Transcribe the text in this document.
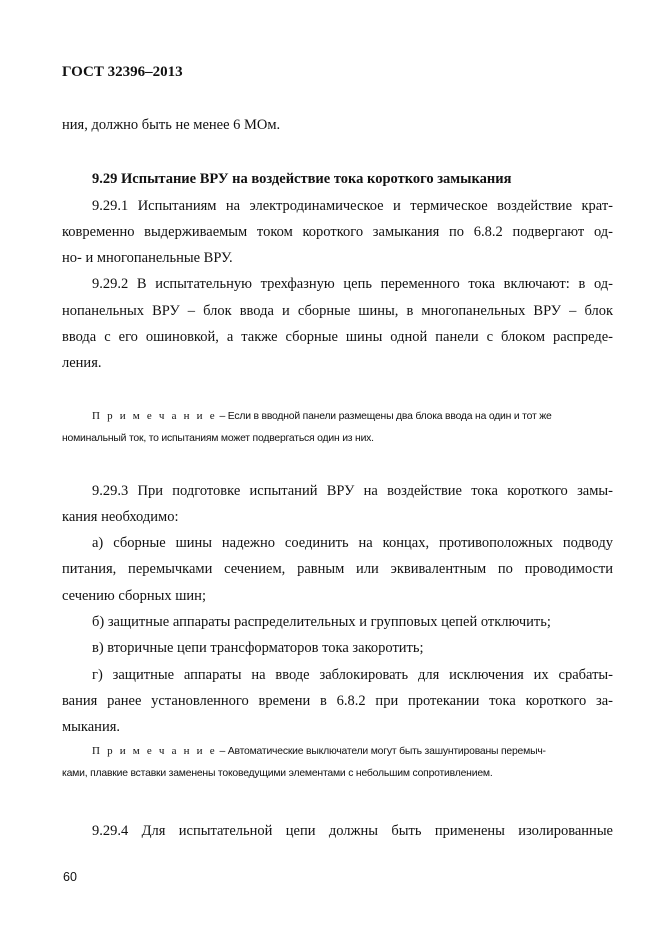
ГОСТ 32396–2013
ния, должно быть не менее 6 МОм.
9.29 Испытание ВРУ на воздействие тока короткого замыкания
9.29.1 Испытаниям на электродинамическое и термическое воздействие крат-
ковременно выдерживаемым током короткого замыкания по 6.8.2 подвергают од-
но- и многопанельные ВРУ.
9.29.2 В испытательную трехфазную цепь переменного тока включают: в од-
нопанельных ВРУ – блок ввода и сборные шины, в многопанельных ВРУ – блок
ввода с его ошиновкой, а также сборные шины одной панели с блоком распреде-
ления.
П р и м е ч а н и е – Если в вводной панели размещены два блока ввода на один и тот же
номинальный ток, то испытаниям может подвергаться один из них.
9.29.3 При подготовке испытаний ВРУ на воздействие тока короткого замы-
кания необходимо:
а) сборные шины надежно соединить на концах, противоположных подводу
питания, перемычками сечением, равным или эквивалентным по проводимости
сечению сборных шин;
б) защитные аппараты распределительных и групповых цепей отключить;
в) вторичные цепи трансформаторов тока закоротить;
г) защитные аппараты на вводе заблокировать для исключения их срабаты-
вания ранее установленного времени в 6.8.2 при протекании тока короткого за-
мыкания.
П р и м е ч а н и е – Автоматические выключатели могут быть зашунтированы перемыч-
ками, плавкие вставки заменены токоведущими элементами с небольшим сопротивлением.
9.29.4 Для испытательной цепи должны быть применены изолированные
60
